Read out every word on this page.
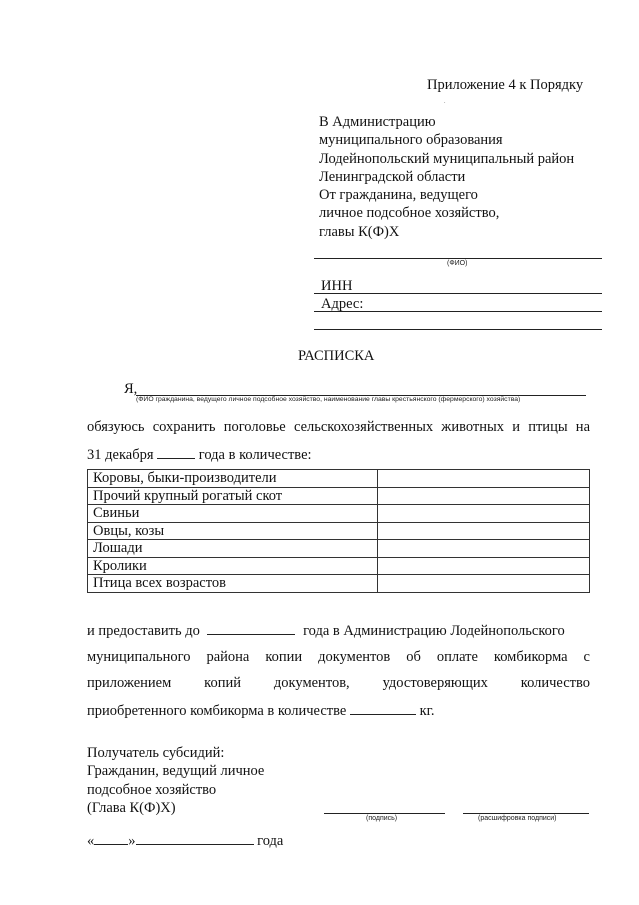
Приложение 4 к Порядку
.
В Администрацию
муниципального образования
Лодейнопольский муниципальный район
Ленинградской области
От гражданина, ведущего
личное подсобное хозяйство,
главы К(Ф)Х
(ФИО)
ИНН
Адрес:
РАСПИСКА
Я,
(ФИО гражданина, ведущего личное подсобное хозяйство, наименование главы крестьянского (фермерского) хозяйства)
обязуюсь сохранить поголовье сельскохозяйственных животных и птицы на
31 декабря	года в количестве:
Коровы, быки-производители	
Прочий крупный рогатый скот	
Свиньи	
Овцы, козы	
Лошади	
Кролики	
Птица всех возрастов	
и предоставить до	года в Администрацию Лодейнопольского
муниципального района копии документов об оплате комбикорма с
приложением копий документов, удостоверяющих количество
приобретенного комбикорма в количестве	кг.
Получатель субсидий:
Гражданин, ведущий личное
подсобное хозяйство
(Глава К(Ф)Х)
(подпись)	(расшифровка подписи)
« »	года
